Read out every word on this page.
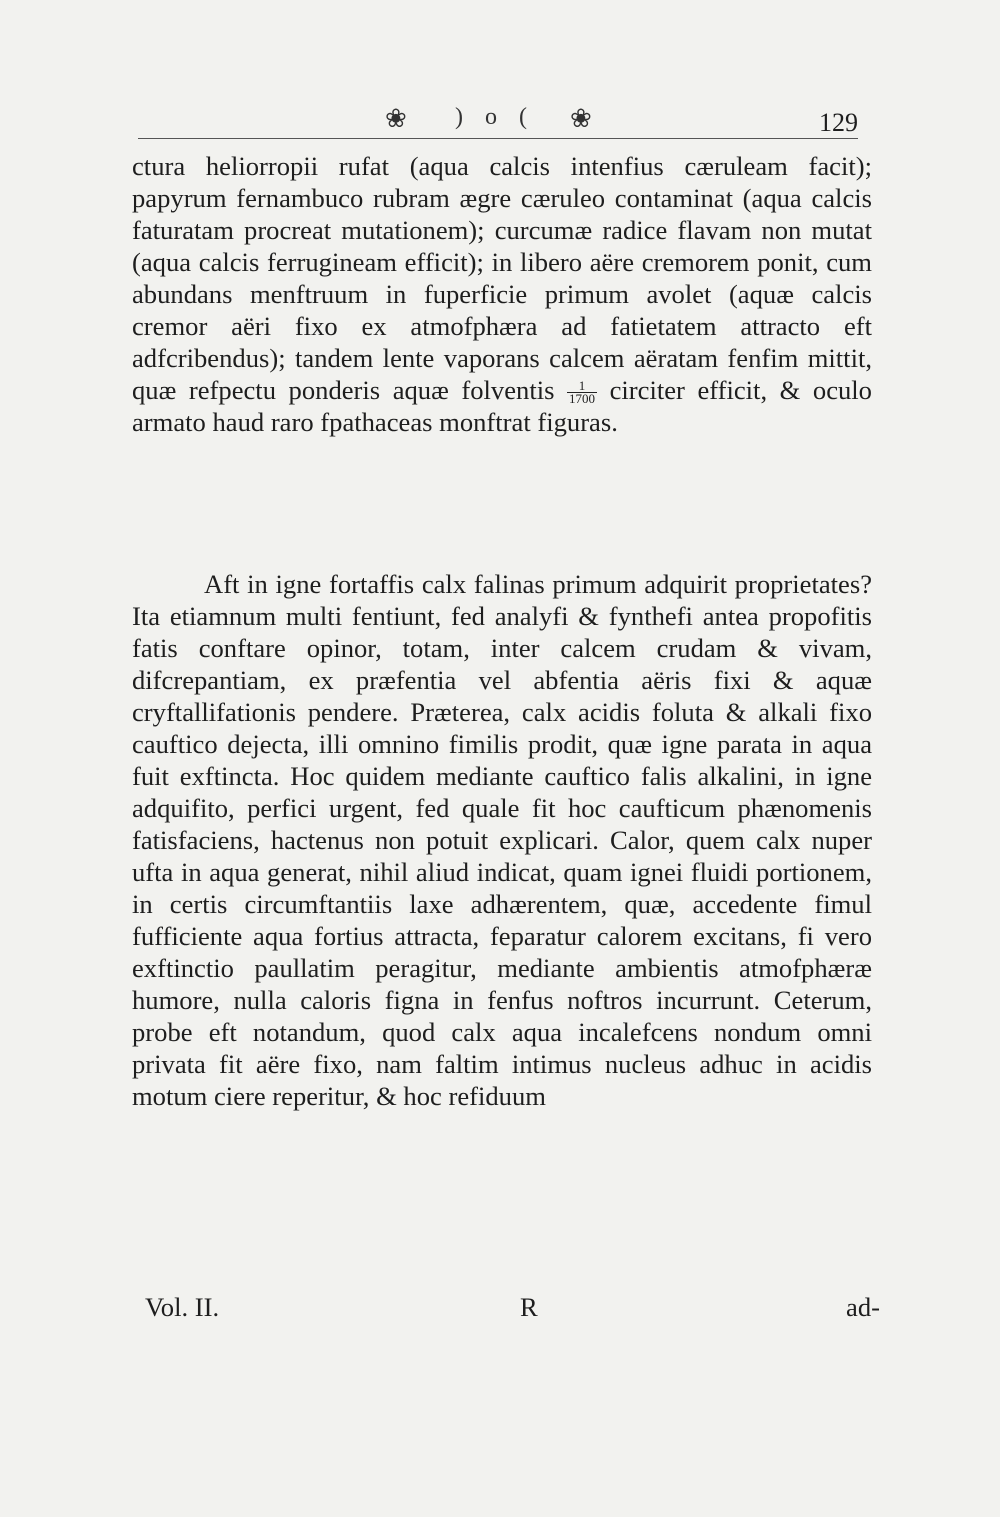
❀	) o (	❀	129
ctura heliorropii rufat (aqua calcis intenfius cæruleam facit); papyrum fernambuco rubram ægre cæruleo contaminat (aqua calcis faturatam procreat mutationem); curcumæ radice flavam non mutat (aqua calcis ferrugineam efficit); in libero aëre cremorem ponit, cum abundans menftruum in fuperficie primum avolet (aquæ calcis cremor aëri fixo ex atmofphæra ad fatietatem attracto eft adfcribendus); tandem lente vaporans calcem aëratam fenfim mittit, quæ refpectu ponderis aquæ folventis $\frac{1}{1700}$ circiter efficit, & oculo armato haud raro fpathaceas monftrat figuras.
Aft in igne fortaffis calx falinas primum adquirit proprietates? Ita etiamnum multi fentiunt, fed analyfi & fynthefi antea propofitis fatis conftare opinor, totam, inter calcem crudam & vivam, difcrepantiam, ex præfentia vel abfentia aëris fixi & aquæ cryftallifationis pendere. Præterea, calx acidis foluta & alkali fixo cauftico dejecta, illi omnino fimilis prodit, quæ igne parata in aqua fuit exftincta. Hoc quidem mediante cauftico falis alkalini, in igne adquifito, perfici urgent, fed quale fit hoc caufticum phænomenis fatisfaciens, hactenus non potuit explicari. Calor, quem calx nuper ufta in aqua generat, nihil aliud indicat, quam ignei fluidi portionem, in certis circumftantiis laxe adhærentem, quæ, accedente fimul fufficiente aqua fortius attracta, feparatur calorem excitans, fi vero exftinctio paullatim peragitur, mediante ambientis atmofphæræ humore, nulla caloris figna in fenfus noftros incurrunt. Ceterum, probe eft notandum, quod calx aqua incalefcens nondum omni privata fit aëre fixo, nam faltim intimus nucleus adhuc in acidis motum ciere reperitur, & hoc refiduum
Vol. II.	R	ad-
